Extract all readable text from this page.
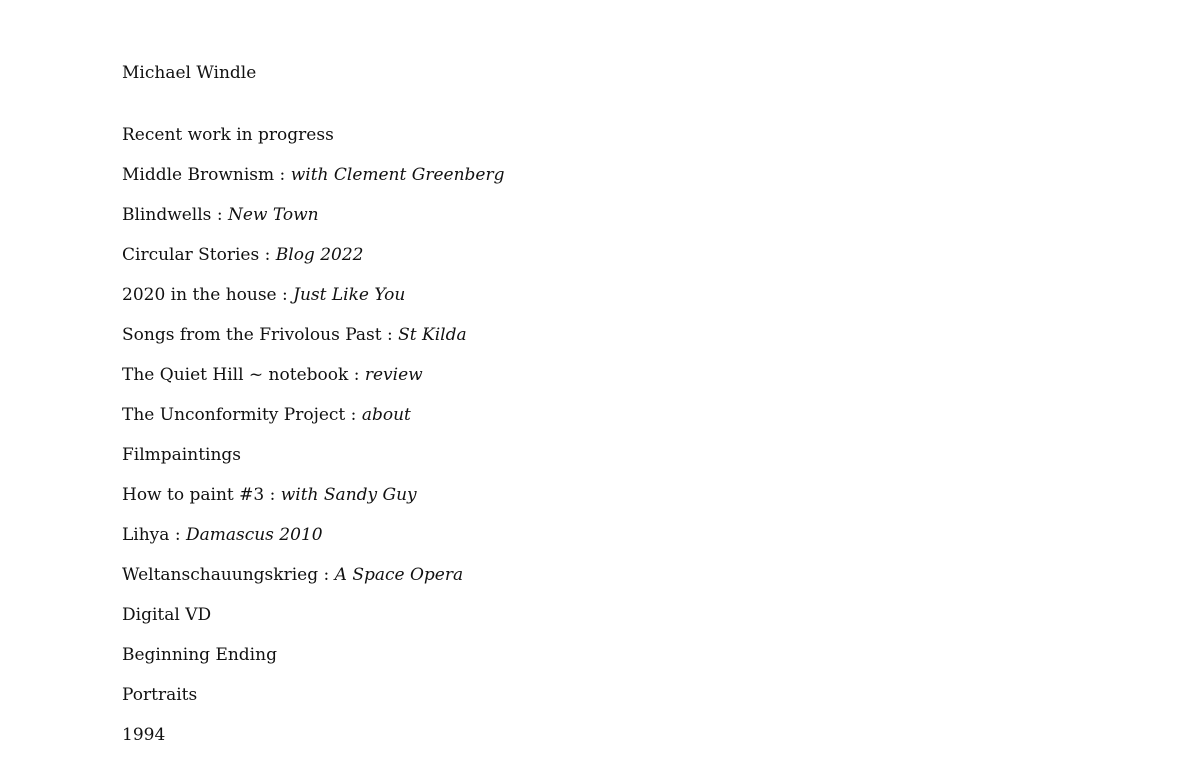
Michael Windle
Recent work in progress
Middle Brownism : with Clement Greenberg
Blindwells : New Town
Circular Stories : Blog 2022
2020 in the house : Just Like You
Songs from the Frivolous Past : St Kilda
The Quiet Hill ~ notebook : review
The Unconformity Project : about
Filmpaintings
How to paint #3 : with Sandy Guy
Lihya : Damascus 2010
Weltanschauungskrieg : A Space Opera
Digital VD
Beginning Ending
Portraits
1994
